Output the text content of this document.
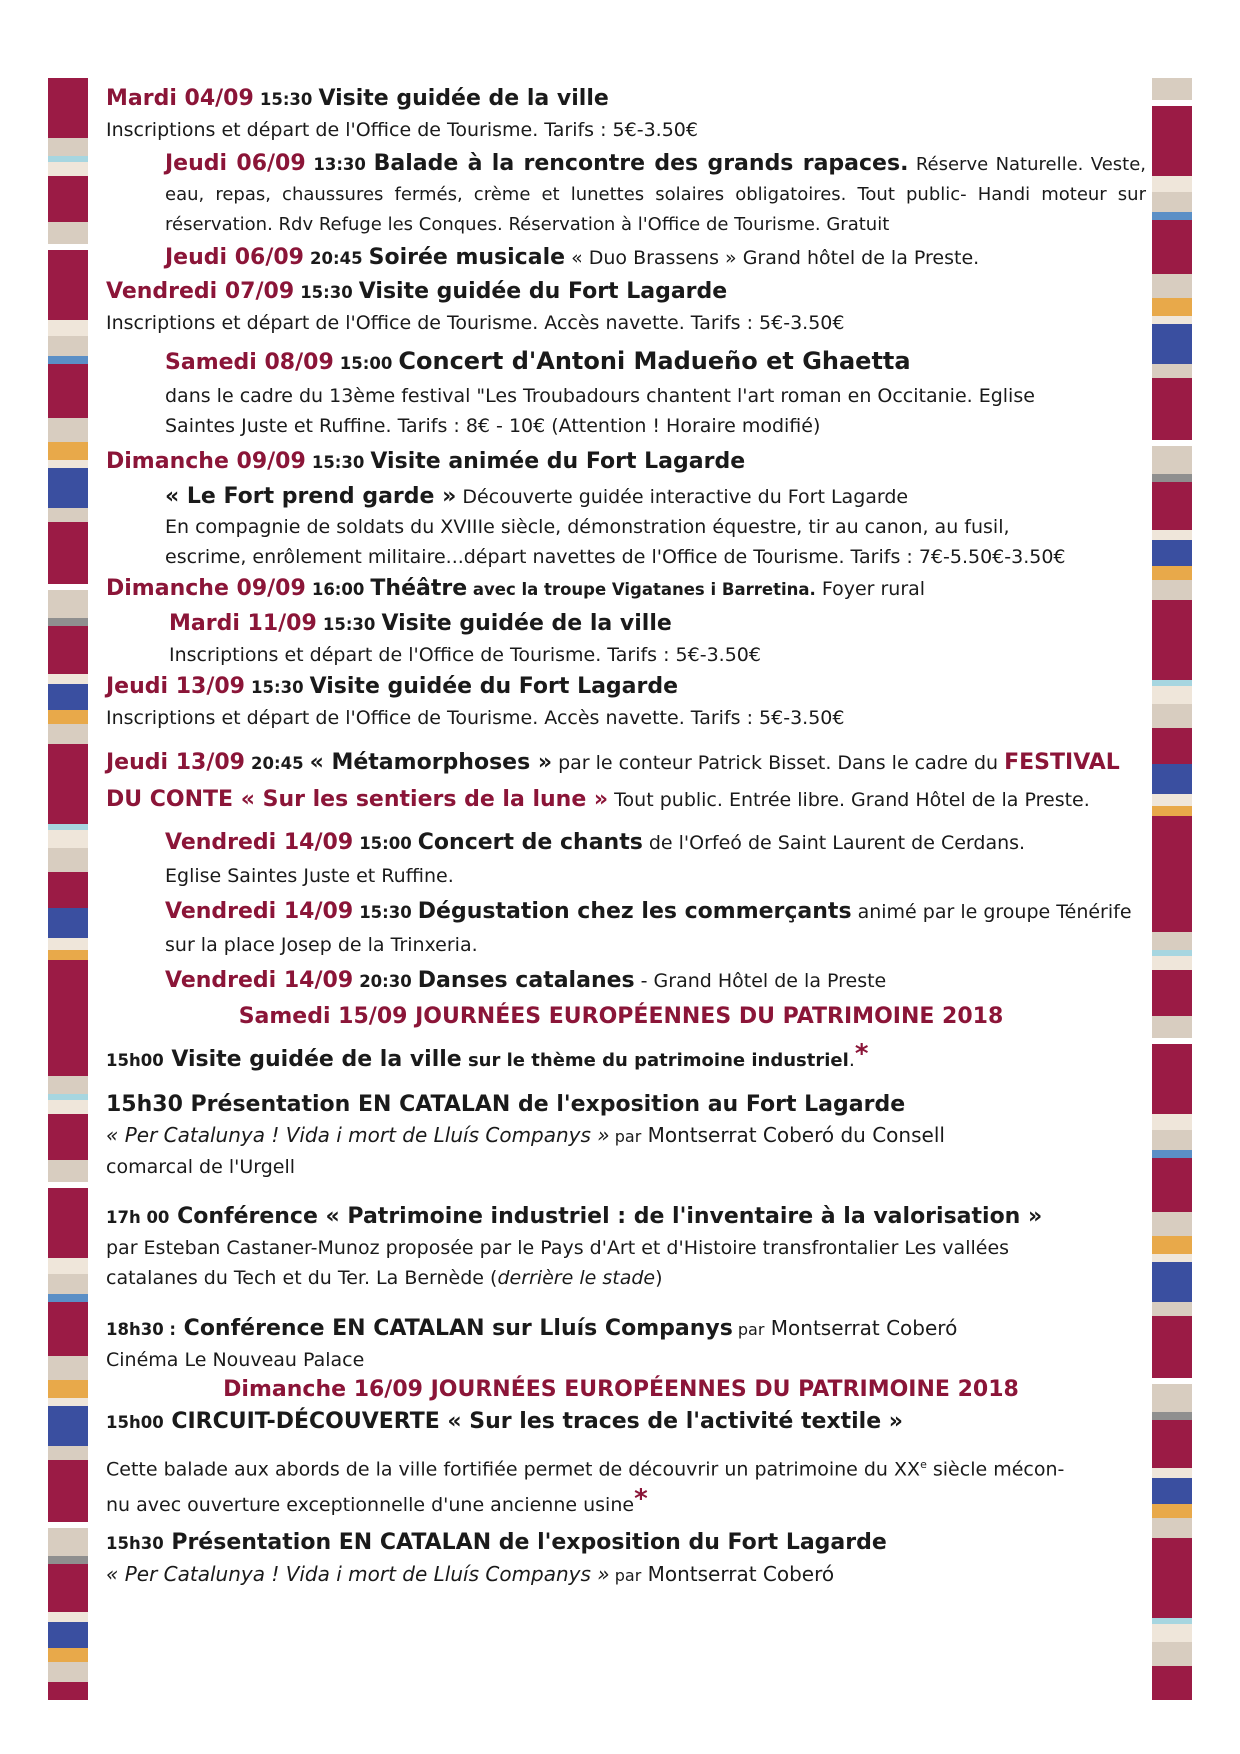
Mardi 04/09 15:30 Visite guidée de la ville
Inscriptions et départ de l'Office de Tourisme. Tarifs : 5€-3.50€
Jeudi 06/09 13:30 Balade à la rencontre des grands rapaces. Réserve Naturelle. Veste,
eau, repas, chaussures fermés, crème et lunettes solaires obligatoires. Tout public- Handi moteur sur
réservation. Rdv Refuge les Conques. Réservation à l'Office de Tourisme. Gratuit
Jeudi 06/09 20:45 Soirée musicale « Duo Brassens » Grand hôtel de la Preste.
Vendredi 07/09 15:30 Visite guidée du Fort Lagarde
Inscriptions et départ de l'Office de Tourisme. Accès navette. Tarifs : 5€-3.50€
Samedi 08/09 15:00 Concert d'Antoni Madueño et Ghaetta
dans le cadre du 13ème festival "Les Troubadours chantent l'art roman en Occitanie. Eglise
Saintes Juste et Ruffine. Tarifs : 8€ - 10€ (Attention ! Horaire modifié)
Dimanche 09/09 15:30 Visite animée du Fort Lagarde
« Le Fort prend garde » Découverte guidée interactive du Fort Lagarde
En compagnie de soldats du XVIIIe siècle, démonstration équestre, tir au canon, au fusil,
escrime, enrôlement militaire...départ navettes de l'Office de Tourisme. Tarifs : 7€-5.50€-3.50€
Dimanche 09/09 16:00 Théâtre avec la troupe Vigatanes i Barretina. Foyer rural
Mardi 11/09 15:30 Visite guidée de la ville
Inscriptions et départ de l'Office de Tourisme. Tarifs : 5€-3.50€
Jeudi 13/09 15:30 Visite guidée du Fort Lagarde
Inscriptions et départ de l'Office de Tourisme. Accès navette. Tarifs : 5€-3.50€
Jeudi 13/09 20:45 « Métamorphoses » par le conteur Patrick Bisset. Dans le cadre du FESTIVAL
DU CONTE « Sur les sentiers de la lune » Tout public. Entrée libre. Grand Hôtel de la Preste.
Vendredi 14/09 15:00 Concert de chants de l'Orfeó de Saint Laurent de Cerdans.
Eglise Saintes Juste et Ruffine.
Vendredi 14/09 15:30 Dégustation chez les commerçants animé par le groupe Ténérife
sur la place Josep de la Trinxeria.
Vendredi 14/09 20:30 Danses catalanes - Grand Hôtel de la Preste
Samedi 15/09 JOURNÉES EUROPÉENNES DU PATRIMOINE 2018
15h00 Visite guidée de la ville sur le thème du patrimoine industriel.*
15h30 Présentation EN CATALAN de l'exposition au Fort Lagarde
« Per Catalunya ! Vida i mort de Lluís Companys » par Montserrat Coberó du Consell
comarcal de l'Urgell
17h 00 Conférence « Patrimoine industriel : de l'inventaire à la valorisation »
par Esteban Castaner-Munoz proposée par le Pays d'Art et d'Histoire transfrontalier Les vallées
catalanes du Tech et du Ter. La Bernède (derrière le stade)
18h30 : Conférence EN CATALAN sur Lluís Companys par Montserrat Coberó
Cinéma Le Nouveau Palace
Dimanche 16/09 JOURNÉES EUROPÉENNES DU PATRIMOINE 2018
15h00 CIRCUIT-DÉCOUVERTE « Sur les traces de l'activité textile »
Cette balade aux abords de la ville fortifiée permet de découvrir un patrimoine du XXe siècle mécon-
nu avec ouverture exceptionnelle d'une ancienne usine*
15h30 Présentation EN CATALAN de l'exposition du Fort Lagarde
« Per Catalunya ! Vida i mort de Lluís Companys » par Montserrat Coberó
